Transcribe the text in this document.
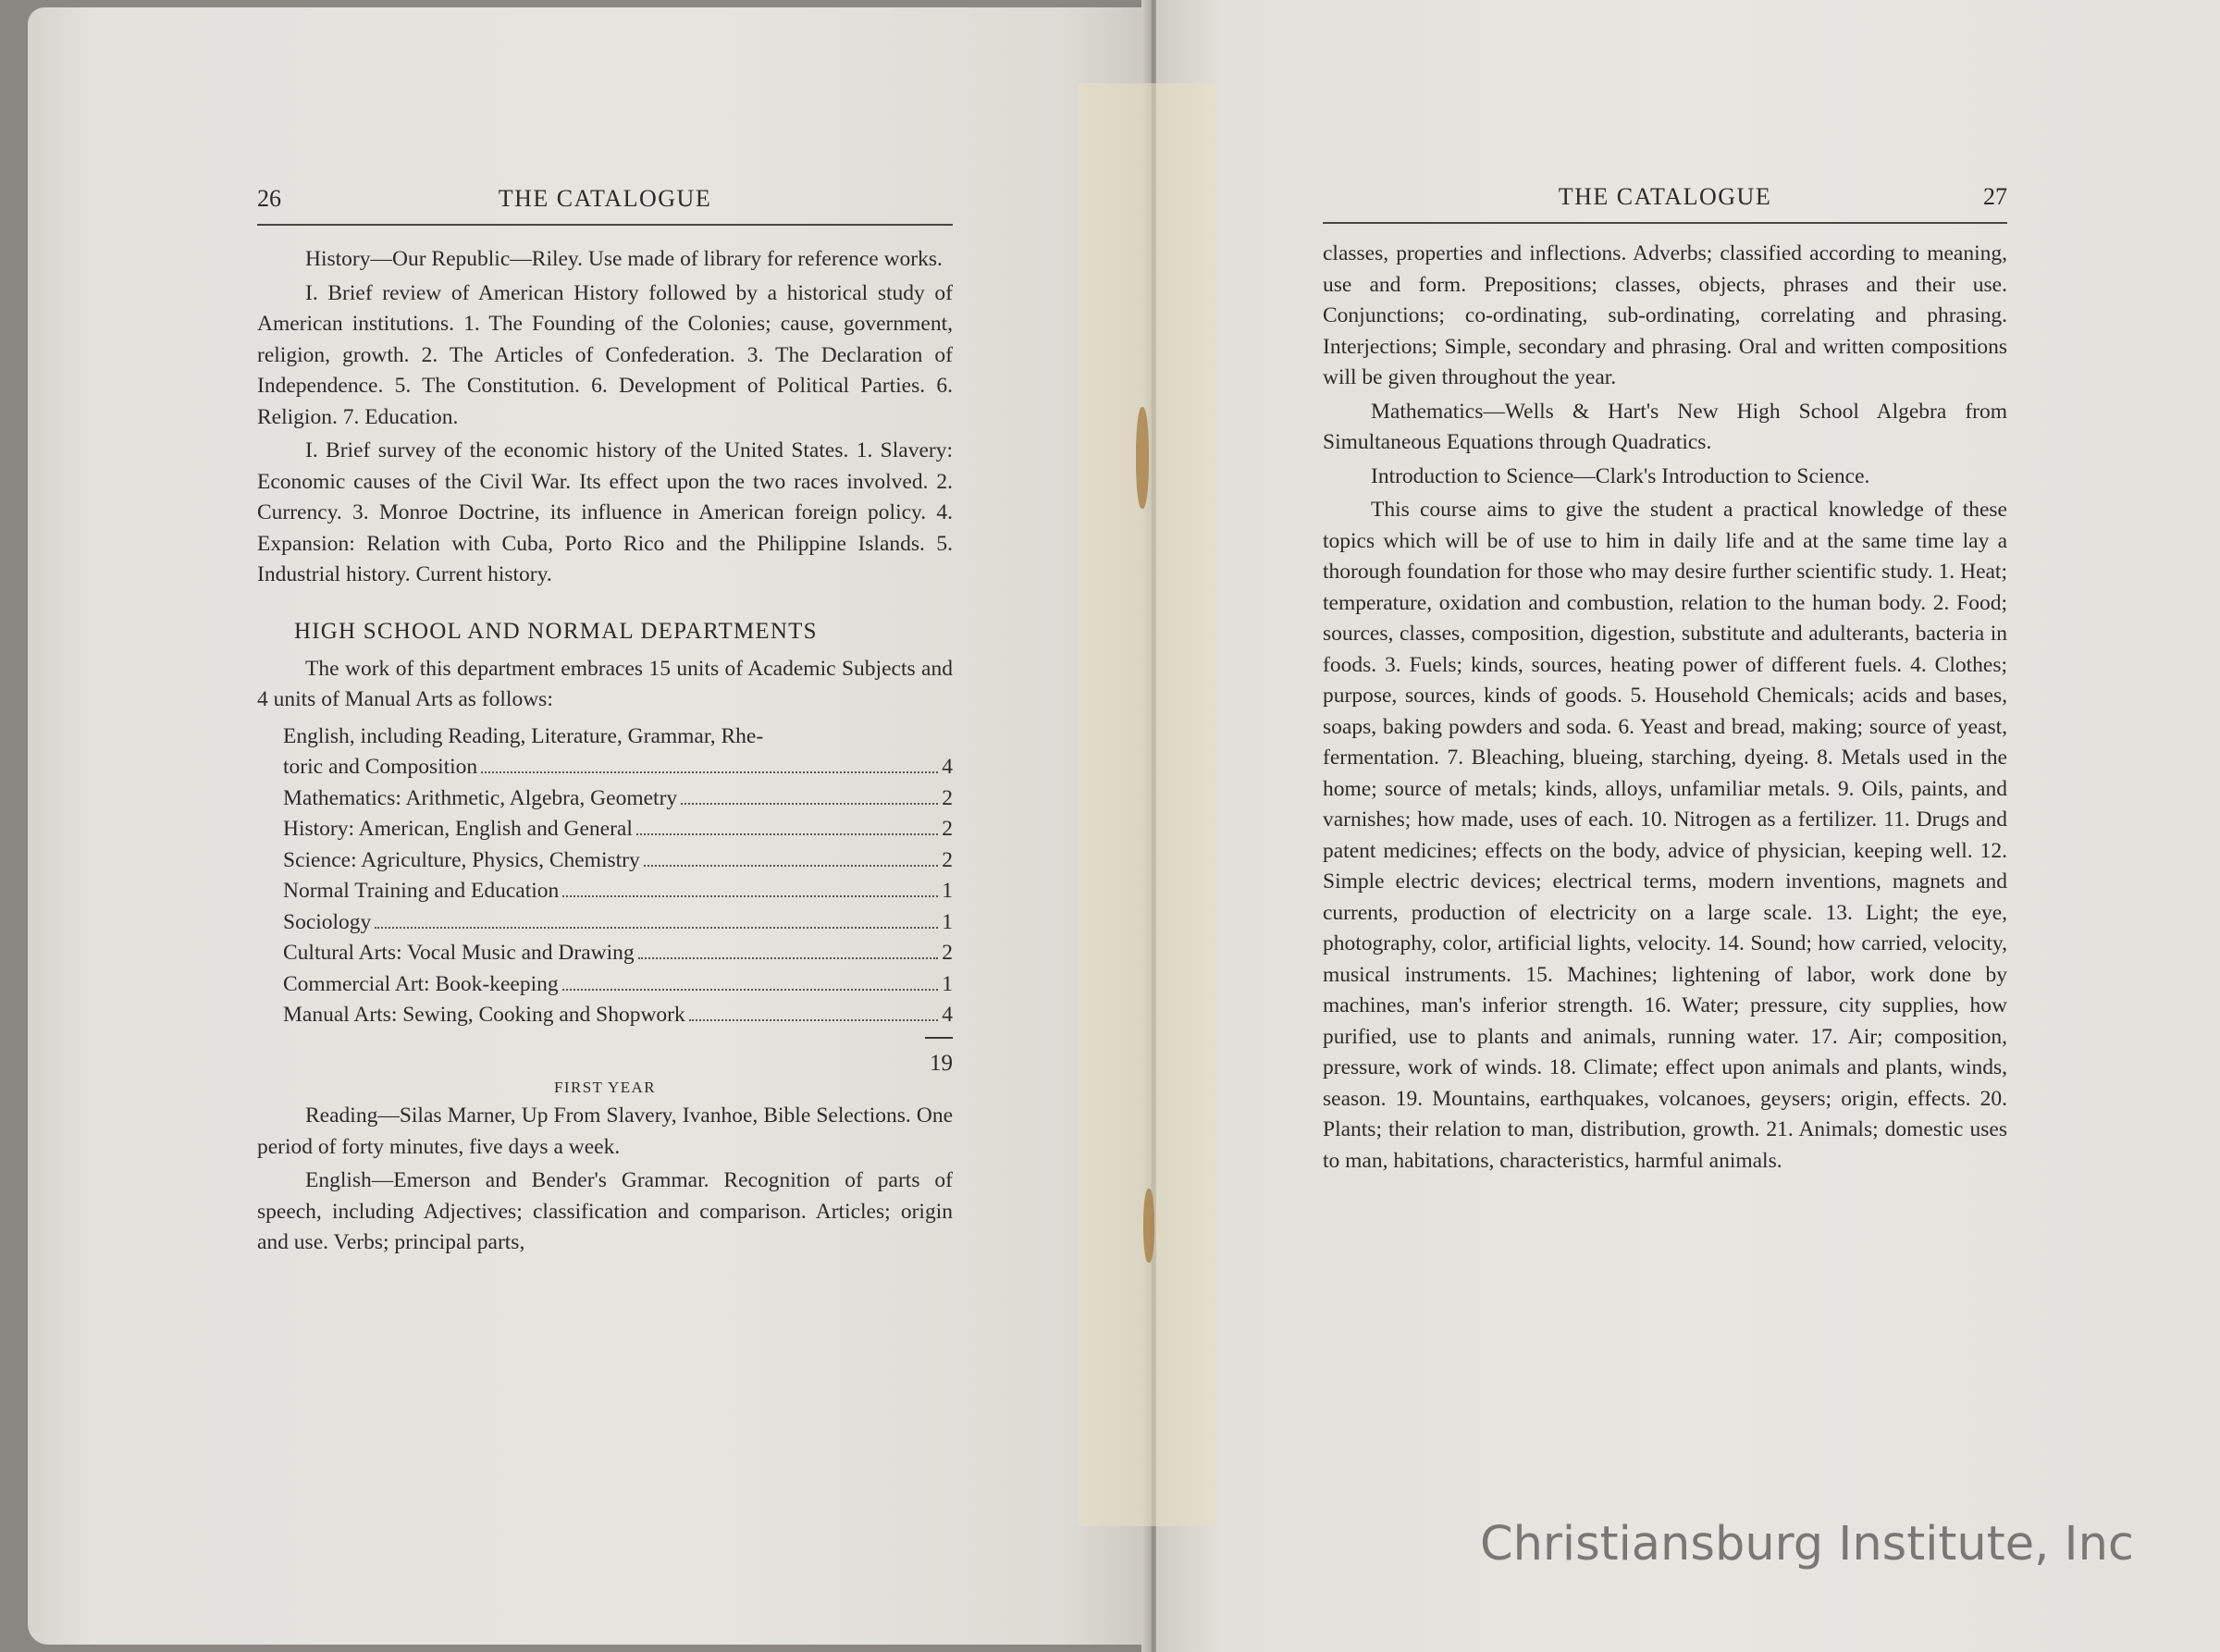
26	THE CATALOGUE

History—Our Republic—Riley. Use made of library for reference works.

I. Brief review of American History followed by a historical study of American institutions. 1. The Founding of the Colonies; cause, government, religion, growth. 2. The Articles of Confederation. 3. The Declaration of Independence. 5. The Constitution. 6. Development of Political Parties. 6. Religion. 7. Education.

I. Brief survey of the economic history of the United States. 1. Slavery: Economic causes of the Civil War. Its effect upon the two races involved. 2. Currency. 3. Monroe Doctrine, its influence in American foreign policy. 4. Expansion: Relation with Cuba, Porto Rico and the Philippine Islands. 5. Industrial history. Current history.

HIGH SCHOOL AND NORMAL DEPARTMENTS

The work of this department embraces 15 units of Academic Subjects and 4 units of Manual Arts as follows:

English, including Reading, Literature, Grammar, Rhe-
toric and Composition	4
Mathematics: Arithmetic, Algebra, Geometry	2
History: American, English and General	2
Science: Agriculture, Physics, Chemistry	2
Normal Training and Education	1
Sociology	1
Cultural Arts: Vocal Music and Drawing	2
Commercial Art: Book-keeping	1
Manual Arts: Sewing, Cooking and Shopwork	4
19
FIRST YEAR

Reading—Silas Marner, Up From Slavery, Ivanhoe, Bible Selections. One period of forty minutes, five days a week.

English—Emerson and Bender's Grammar. Recognition of parts of speech, including Adjectives; classification and comparison. Articles; origin and use. Verbs; principal parts,

THE CATALOGUE	27

classes, properties and inflections. Adverbs; classified according to meaning, use and form. Prepositions; classes, objects, phrases and their use. Conjunctions; co-ordinating, sub-ordinating, correlating and phrasing. Interjections; Simple, secondary and phrasing. Oral and written compositions will be given throughout the year.

Mathematics—Wells & Hart's New High School Algebra from Simultaneous Equations through Quadratics.

Introduction to Science—Clark's Introduction to Science.

This course aims to give the student a practical knowledge of these topics which will be of use to him in daily life and at the same time lay a thorough foundation for those who may desire further scientific study. 1. Heat; temperature, oxidation and combustion, relation to the human body. 2. Food; sources, classes, composition, digestion, substitute and adulterants, bacteria in foods. 3. Fuels; kinds, sources, heating power of different fuels. 4. Clothes; purpose, sources, kinds of goods. 5. Household Chemicals; acids and bases, soaps, baking powders and soda. 6. Yeast and bread, making; source of yeast, fermentation. 7. Bleaching, blueing, starching, dyeing. 8. Metals used in the home; source of metals; kinds, alloys, unfamiliar metals. 9. Oils, paints, and varnishes; how made, uses of each. 10. Nitrogen as a fertilizer. 11. Drugs and patent medicines; effects on the body, advice of physician, keeping well. 12. Simple electric devices; electrical terms, modern inventions, magnets and currents, production of electricity on a large scale. 13. Light; the eye, photography, color, artificial lights, velocity. 14. Sound; how carried, velocity, musical instruments. 15. Machines; lightening of labor, work done by machines, man's inferior strength. 16. Water; pressure, city supplies, how purified, use to plants and animals, running water. 17. Air; composition, pressure, work of winds. 18. Climate; effect upon animals and plants, winds, season. 19. Mountains, earthquakes, volcanoes, geysers; origin, effects. 20. Plants; their relation to man, distribution, growth. 21. Animals; domestic uses to man, habitations, characteristics, harmful animals.

Christiansburg Institute, Inc
